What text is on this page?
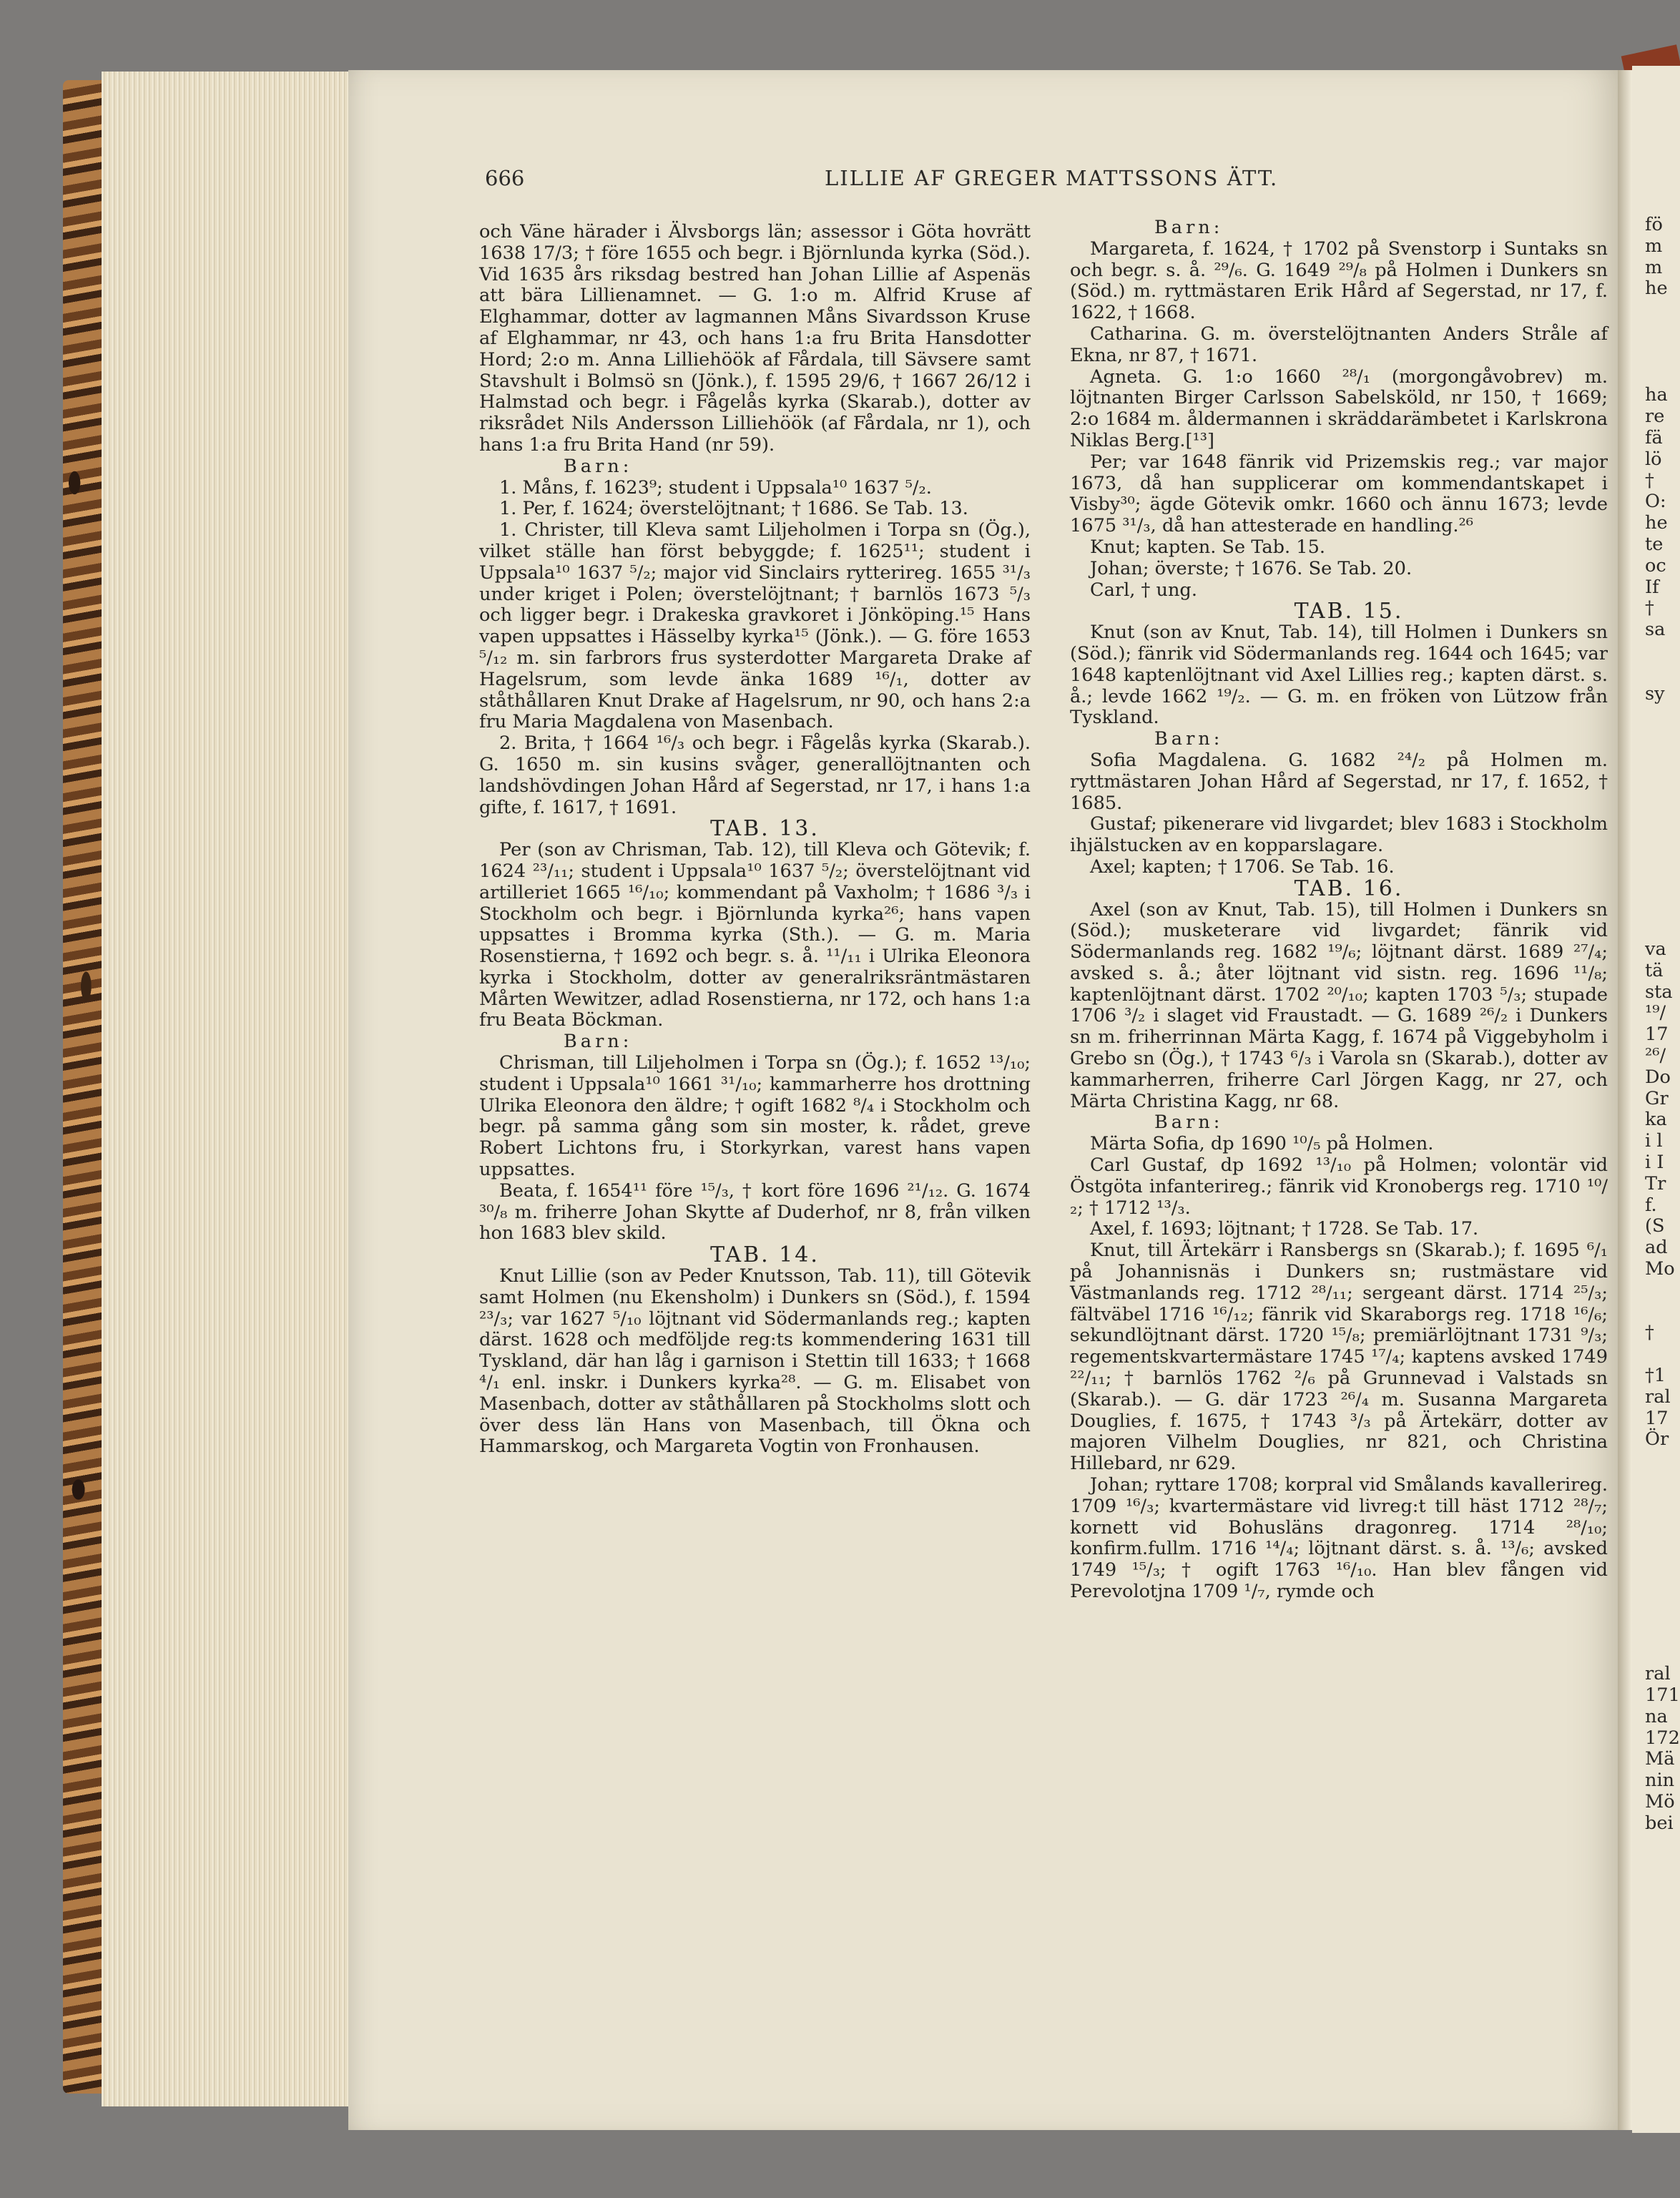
666	LILLIE AF GREGER MATTSSONS ÄTT.

och Väne härader i Älvsborgs län; assessor i Göta hovrätt 1638 17/3; † före 1655 och begr. i Björnlunda kyrka (Söd.). Vid 1635 års riksdag bestred han Johan Lillie af Aspenäs att bära Lillienamnet. — G. 1:o m. Alfrid Kruse af Elghammar, dotter av lagmannen Måns Sivardsson Kruse af Elghammar, nr 43, och hans 1:a fru Brita Hansdotter Hord; 2:o m. Anna Lilliehöök af Fårdala, till Sävsere samt Stavshult i Bolmsö sn (Jönk.), f. 1595 29/6, † 1667 26/12 i Halmstad och begr. i Fågelås kyrka (Skarab.), dotter av riksrådet Nils Andersson Lilliehöök (af Fårdala, nr 1), och hans 1:a fru Brita Hand (nr 59).

Barn:

1. Måns, f. 1623⁹; student i Uppsala¹⁰ 1637 ⁵/₂.

1. Per, f. 1624; överstelöjtnant; † 1686. Se Tab. 13.

1. Christer, till Kleva samt Liljeholmen i Torpa sn (Ög.), vilket ställe han först bebyggde; f. 1625¹¹; student i Uppsala¹⁰ 1637 ⁵/₂; major vid Sinclairs rytterireg. 1655 ³¹/₃ under kriget i Polen; överstelöjtnant; † barnlös 1673 ⁵/₃ och ligger begr. i Drakeska gravkoret i Jönköping.¹⁵ Hans vapen uppsattes i Hässelby kyrka¹⁵ (Jönk.). — G. före 1653 ⁵/₁₂ m. sin farbrors frus systerdotter Margareta Drake af Hagelsrum, som levde änka 1689 ¹⁶/₁, dotter av ståthållaren Knut Drake af Hagelsrum, nr 90, och hans 2:a fru Maria Magdalena von Masenbach.

2. Brita, † 1664 ¹⁶/₃ och begr. i Fågelås kyrka (Skarab.). G. 1650 m. sin kusins svåger, generallöjtnanten och landshövdingen Johan Hård af Segerstad, nr 17, i hans 1:a gifte, f. 1617, † 1691.

TAB. 13.

Per (son av Chrisman, Tab. 12), till Kleva och Götevik; f. 1624 ²³/₁₁; student i Uppsala¹⁰ 1637 ⁵/₂; överstelöjtnant vid artilleriet 1665 ¹⁶/₁₀; kommendant på Vaxholm; † 1686 ³/₃ i Stockholm och begr. i Björnlunda kyrka²⁶; hans vapen uppsattes i Bromma kyrka (Sth.). — G. m. Maria Rosenstierna, † 1692 och begr. s. å. ¹¹/₁₁ i Ulrika Eleonora kyrka i Stockholm, dotter av generalriksräntmästaren Mårten Wewitzer, adlad Rosenstierna, nr 172, och hans 1:a fru Beata Böckman.

Barn:

Chrisman, till Liljeholmen i Torpa sn (Ög.); f. 1652 ¹³/₁₀; student i Uppsala¹⁰ 1661 ³¹/₁₀; kammarherre hos drottning Ulrika Eleonora den äldre; † ogift 1682 ⁸/₄ i Stockholm och begr. på samma gång som sin moster, k. rådet, greve Robert Lichtons fru, i Storkyrkan, varest hans vapen uppsattes.

Beata, f. 1654¹¹ före ¹⁵/₃, † kort före 1696 ²¹/₁₂. G. 1674 ³⁰/₈ m. friherre Johan Skytte af Duderhof, nr 8, från vilken hon 1683 blev skild.

TAB. 14.

Knut Lillie (son av Peder Knutsson, Tab. 11), till Götevik samt Holmen (nu Ekensholm) i Dunkers sn (Söd.), f. 1594 ²³/₃; var 1627 ⁵/₁₀ löjtnant vid Södermanlands reg.; kapten därst. 1628 och medföljde reg:ts kommendering 1631 till Tyskland, där han låg i garnison i Stettin till 1633; † 1668 ⁴/₁ enl. inskr. i Dunkers kyrka²⁸. — G. m. Elisabet von Masenbach, dotter av ståthållaren på Stockholms slott och över dess län Hans von Masenbach, till Ökna och Hammarskog, och Margareta Vogtin von Fronhausen.

Barn:

Margareta, f. 1624, † 1702 på Svenstorp i Suntaks sn och begr. s. å. ²⁹/₆. G. 1649 ²⁹/₈ på Holmen i Dunkers sn (Söd.) m. ryttmästaren Erik Hård af Segerstad, nr 17, f. 1622, † 1668.

Catharina. G. m. överstelöjtnanten Anders Stråle af Ekna, nr 87, † 1671.

Agneta. G. 1:o 1660 ²⁸/₁ (morgongåvobrev) m. löjtnanten Birger Carlsson Sabelsköld, nr 150, † 1669; 2:o 1684 m. åldermannen i skräddarämbetet i Karlskrona Niklas Berg.[¹³]

Per; var 1648 fänrik vid Prizemskis reg.; var major 1673, då han supplicerar om kommendantskapet i Visby³⁰; ägde Götevik omkr. 1660 och ännu 1673; levde 1675 ³¹/₃, då han attesterade en handling.²⁶

Knut; kapten. Se Tab. 15.

Johan; överste; † 1676. Se Tab. 20.

Carl, † ung.

TAB. 15.

Knut (son av Knut, Tab. 14), till Holmen i Dunkers sn (Söd.); fänrik vid Södermanlands reg. 1644 och 1645; var 1648 kaptenlöjtnant vid Axel Lillies reg.; kapten därst. s. å.; levde 1662 ¹⁹/₂. — G. m. en fröken von Lützow från Tyskland.

Barn:

Sofia Magdalena. G. 1682 ²⁴/₂ på Holmen m. ryttmästaren Johan Hård af Segerstad, nr 17, f. 1652, † 1685.

Gustaf; pikenerare vid livgardet; blev 1683 i Stockholm ihjälstucken av en kopparslagare.

Axel; kapten; † 1706. Se Tab. 16.

TAB. 16.

Axel (son av Knut, Tab. 15), till Holmen i Dunkers sn (Söd.); musketerare vid livgardet; fänrik vid Södermanlands reg. 1682 ¹⁹/₆; löjtnant därst. 1689 ²⁷/₄; avsked s. å.; åter löjtnant vid sistn. reg. 1696 ¹¹/₈; kaptenlöjtnant därst. 1702 ²⁰/₁₀; kapten 1703 ⁵/₃; stupade 1706 ³/₂ i slaget vid Fraustadt. — G. 1689 ²⁶/₂ i Dunkers sn m. friherrinnan Märta Kagg, f. 1674 på Viggebyholm i Grebo sn (Ög.), † 1743 ⁶/₃ i Varola sn (Skarab.), dotter av kammarherren, friherre Carl Jörgen Kagg, nr 27, och Märta Christina Kagg, nr 68.

Barn:

Märta Sofia, dp 1690 ¹⁰/₅ på Holmen.

Carl Gustaf, dp 1692 ¹³/₁₀ på Holmen; volontär vid Östgöta infanterireg.; fänrik vid Kronobergs reg. 1710 ¹⁰/₂; † 1712 ¹³/₃.

Axel, f. 1693; löjtnant; † 1728. Se Tab. 17.

Knut, till Ärtekärr i Ransbergs sn (Skarab.); f. 1695 ⁶/₁ på Johannisnäs i Dunkers sn; rustmästare vid Västmanlands reg. 1712 ²⁸/₁₁; sergeant därst. 1714 ²⁵/₃; fältväbel 1716 ¹⁶/₁₂; fänrik vid Skaraborgs reg. 1718 ¹⁶/₆; sekundlöjtnant därst. 1720 ¹⁵/₈; premiärlöjtnant 1731 ⁹/₃; regementskvartermästare 1745 ¹⁷/₄; kaptens avsked 1749 ²²/₁₁; † barnlös 1762 ²/₆ på Grunnevad i Valstads sn (Skarab.). — G. där 1723 ²⁶/₄ m. Susanna Margareta Douglies, f. 1675, † 1743 ³/₃ på Ärtekärr, dotter av majoren Vilhelm Douglies, nr 821, och Christina Hillebard, nr 629.

Johan; ryttare 1708; korpral vid Smålands kavallerireg. 1709 ¹⁶/₃; kvartermästare vid livreg:t till häst 1712 ²⁸/₇; kornett vid Bohusläns dragonreg. 1714 ²⁸/₁₀; konfirm.fullm. 1716 ¹⁴/₄; löjtnant därst. s. å. ¹³/₆; avsked 1749 ¹⁵/₃; † ogift 1763 ¹⁶/₁₀. Han blev fången vid Perevolotjna 1709 ¹/₇, rymde och

fö
m
m
he

ha
re
fä
lö
†
O:
he
te
oc
If
†
sa

sy

va
tä
sta
¹⁹/
17
²⁶/
Do
Gr
ka
i l
i I
Tr
f.
(S
ad
Mo

†

†1
ral
17
Ör

ral
171
na
172
Mä
nin
Mö
bei
